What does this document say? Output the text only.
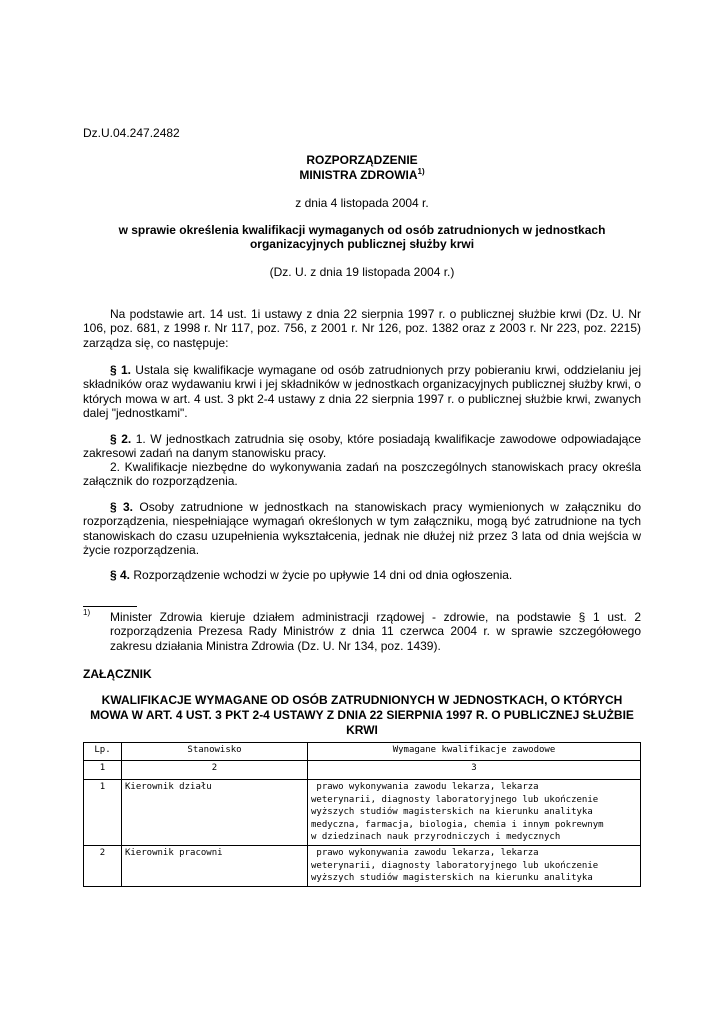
Dz.U.04.247.2482
ROZPORZĄDZENIE
MINISTRA ZDROWIA$^{1)}$
z dnia 4 listopada 2004 r.
w sprawie określenia kwalifikacji wymaganych od osób zatrudnionych w jednostkach
organizacyjnych publicznej służby krwi
(Dz. U. z dnia 19 listopada 2004 r.)
Na podstawie art. 14 ust. 1i ustawy z dnia 22 sierpnia 1997 r. o publicznej służbie krwi (Dz. U. Nr 106, poz. 681, z 1998 r. Nr 117, poz. 756, z 2001 r. Nr 126, poz. 1382 oraz z 2003 r. Nr 223, poz. 2215) zarządza się, co następuje:
§ 1. Ustala się kwalifikacje wymagane od osób zatrudnionych przy pobieraniu krwi, oddzielaniu jej składników oraz wydawaniu krwi i jej składników w jednostkach organizacyjnych publicznej służby krwi, o których mowa w art. 4 ust. 3 pkt 2-4 ustawy z dnia 22 sierpnia 1997 r. o publicznej służbie krwi, zwanych dalej "jednostkami".
§ 2. 1. W jednostkach zatrudnia się osoby, które posiadają kwalifikacje zawodowe odpowiadające zakresowi zadań na danym stanowisku pracy.
2. Kwalifikacje niezbędne do wykonywania zadań na poszczególnych stanowiskach pracy określa załącznik do rozporządzenia.
§ 3. Osoby zatrudnione w jednostkach na stanowiskach pracy wymienionych w załączniku do rozporządzenia, niespełniające wymagań określonych w tym załączniku, mogą być zatrudnione na tych stanowiskach do czasu uzupełnienia wykształcenia, jednak nie dłużej niż przez 3 lata od dnia wejścia w życie rozporządzenia.
§ 4. Rozporządzenie wchodzi w życie po upływie 14 dni od dnia ogłoszenia.
1) Minister Zdrowia kieruje działem administracji rządowej - zdrowie, na podstawie § 1 ust. 2 rozporządzenia Prezesa Rady Ministrów z dnia 11 czerwca 2004 r. w sprawie szczegółowego zakresu działania Ministra Zdrowia (Dz. U. Nr 134, poz. 1439).
ZAŁĄCZNIK
KWALIFIKACJE WYMAGANE OD OSÓB ZATRUDNIONYCH W JEDNOSTKACH, O KTÓRYCH MOWA W ART. 4 UST. 3 PKT 2-4 USTAWY Z DNIA 22 SIERPNIA 1997 R. O PUBLICZNEJ SŁUŻBIE KRWI
Lp.	Stanowisko	Wymagane kwalifikacje zawodowe
1	2	3
1	Kierownik działu	prawo wykonywania zawodu lekarza, lekarza
weterynarii, diagnosty laboratoryjnego lub ukończenie
wyższych studiów magisterskich na kierunku analityka
medyczna, farmacja, biologia, chemia i innym pokrewnym
w dziedzinach nauk przyrodniczych i medycznych
2	Kierownik pracowni	prawo wykonywania zawodu lekarza, lekarza
weterynarii, diagnosty laboratoryjnego lub ukończenie
wyższych studiów magisterskich na kierunku analityka
